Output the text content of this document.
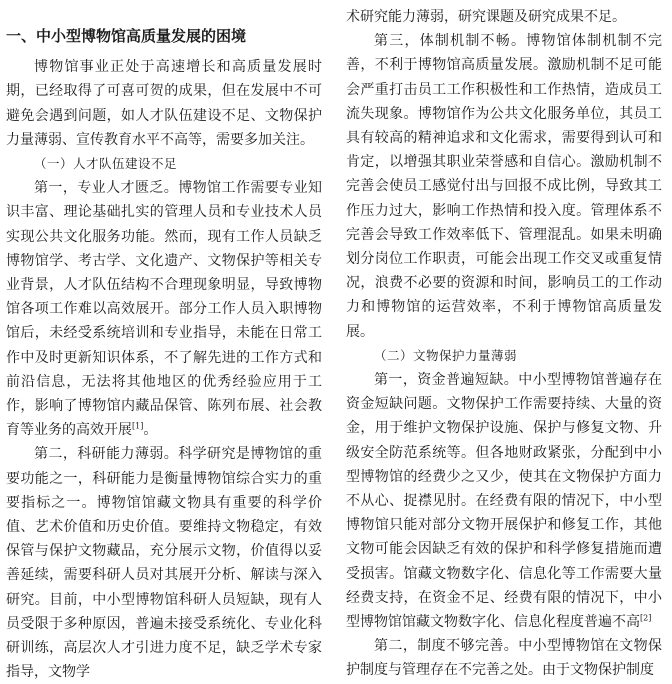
一、中小型博物馆高质量发展的困境

博物馆事业正处于高速增长和高质量发展时期，已经取得了可喜可贺的成果，但在发展中不可避免会遇到问题，如人才队伍建设不足、文物保护力量薄弱、宣传教育水平不高等，需要多加关注。

（一）人才队伍建设不足

第一，专业人才匮乏。博物馆工作需要专业知识丰富、理论基础扎实的管理人员和专业技术人员实现公共文化服务功能。然而，现有工作人员缺乏博物馆学、考古学、文化遗产、文物保护等相关专业背景，人才队伍结构不合理现象明显，导致博物馆各项工作难以高效展开。部分工作人员入职博物馆后，未经受系统培训和专业指导，未能在日常工作中及时更新知识体系，不了解先进的工作方式和前沿信息，无法将其他地区的优秀经验应用于工作，影响了博物馆内藏品保管、陈列布展、社会教育等业务的高效开展[1]。

第二，科研能力薄弱。科学研究是博物馆的重要功能之一，科研能力是衡量博物馆综合实力的重要指标之一。博物馆馆藏文物具有重要的科学价值、艺术价值和历史价值。要维持文物稳定，有效保管与保护文物藏品，充分展示文物，价值得以妥善延续，需要科研人员对其展开分析、解读与深入研究。目前，中小型博物馆科研人员短缺，现有人员受限于多种原因，普遍未接受系统化、专业化科研训练，高层次人才引进力度不足，缺乏学术专家指导，文物学

术研究能力薄弱，研究课题及研究成果不足。

第三，体制机制不畅。博物馆体制机制不完善，不利于博物馆高质量发展。激励机制不足可能会严重打击员工工作积极性和工作热情，造成员工流失现象。博物馆作为公共文化服务单位，其员工具有较高的精神追求和文化需求，需要得到认可和肯定，以增强其职业荣誉感和自信心。激励机制不完善会使员工感觉付出与回报不成比例，导致其工作压力过大，影响工作热情和投入度。管理体系不完善会导致工作效率低下、管理混乱。如果未明确划分岗位工作职责，可能会出现工作交叉或重复情况，浪费不必要的资源和时间，影响员工的工作动力和博物馆的运营效率，不利于博物馆高质量发展。

（二）文物保护力量薄弱

第一，资金普遍短缺。中小型博物馆普遍存在资金短缺问题。文物保护工作需要持续、大量的资金，用于维护文物保护设施、保护与修复文物、升级安全防范系统等。但各地财政紧张，分配到中小型博物馆的经费少之又少，使其在文物保护方面力不从心、捉襟见肘。在经费有限的情况下，中小型博物馆只能对部分文物开展保护和修复工作，其他文物可能会因缺乏有效的保护和科学修复措施而遭受损害。馆藏文物数字化、信息化等工作需要大量经费支持，在资金不足、经费有限的情况下，中小型博物馆馆藏文物数字化、信息化程度普遍不高[2]

第二，制度不够完善。中小型博物馆在文物保护制度与管理存在不完善之处。由于文物保护制度
